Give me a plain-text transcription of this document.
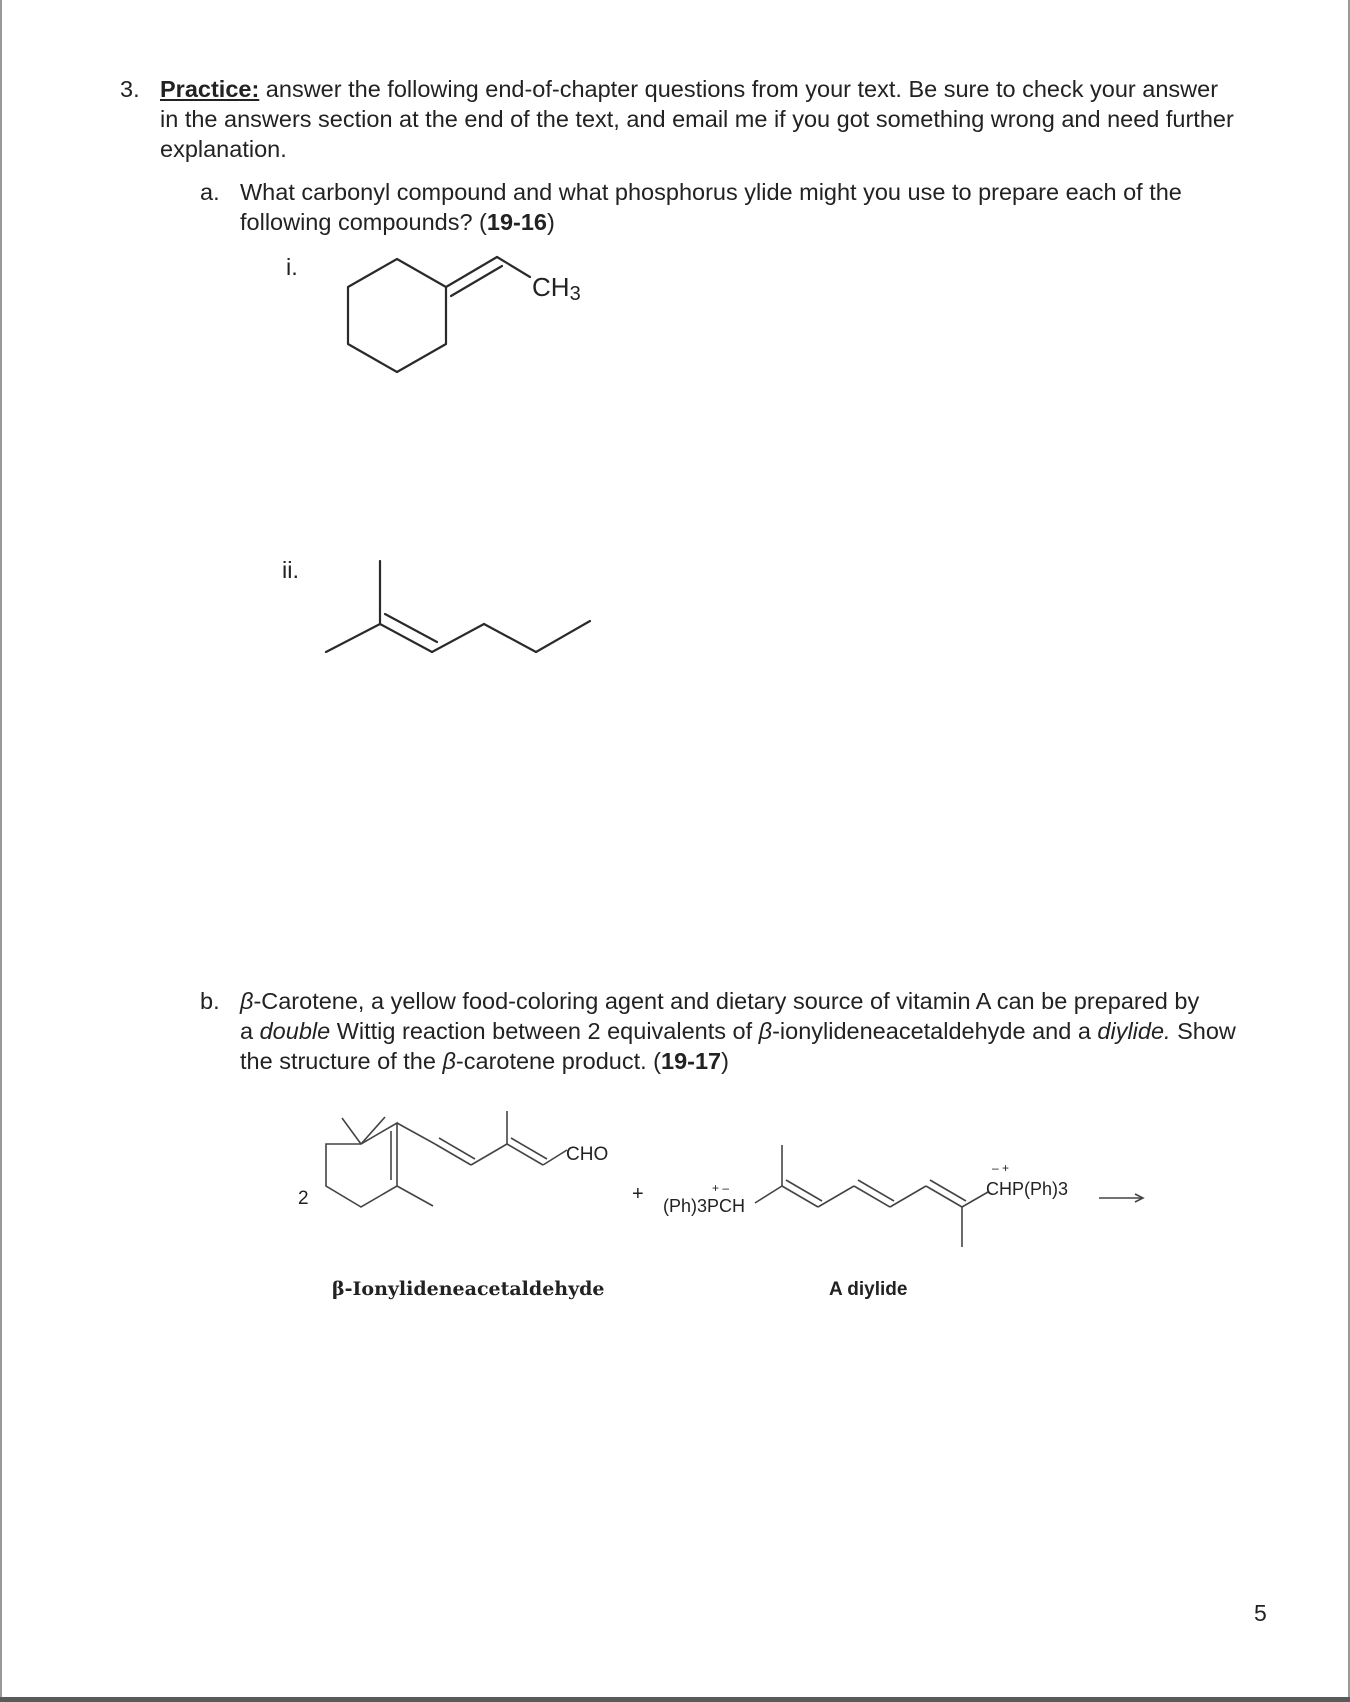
3. Practice: answer the following end-of-chapter questions from your text. Be sure to check your answer
in the answers section at the end of the text, and email me if you got something wrong and need further
explanation.
a. What carbonyl compound and what phosphorus ylide might you use to prepare each of the
following compounds? (19-16)
i.
ii.
b. β-Carotene, a yellow food-coloring agent and dietary source of vitamin A can be prepared by
a double Wittig reaction between 2 equivalents of β-ionylideneacetaldehyde and a diylide. Show
the structure of the β-carotene product. (19-17)
5
CH3
2
CHO
+	+ –
(Ph)3PCH
– +
CHP(Ph)3
β-Ionylideneacetaldehyde	A diylide
